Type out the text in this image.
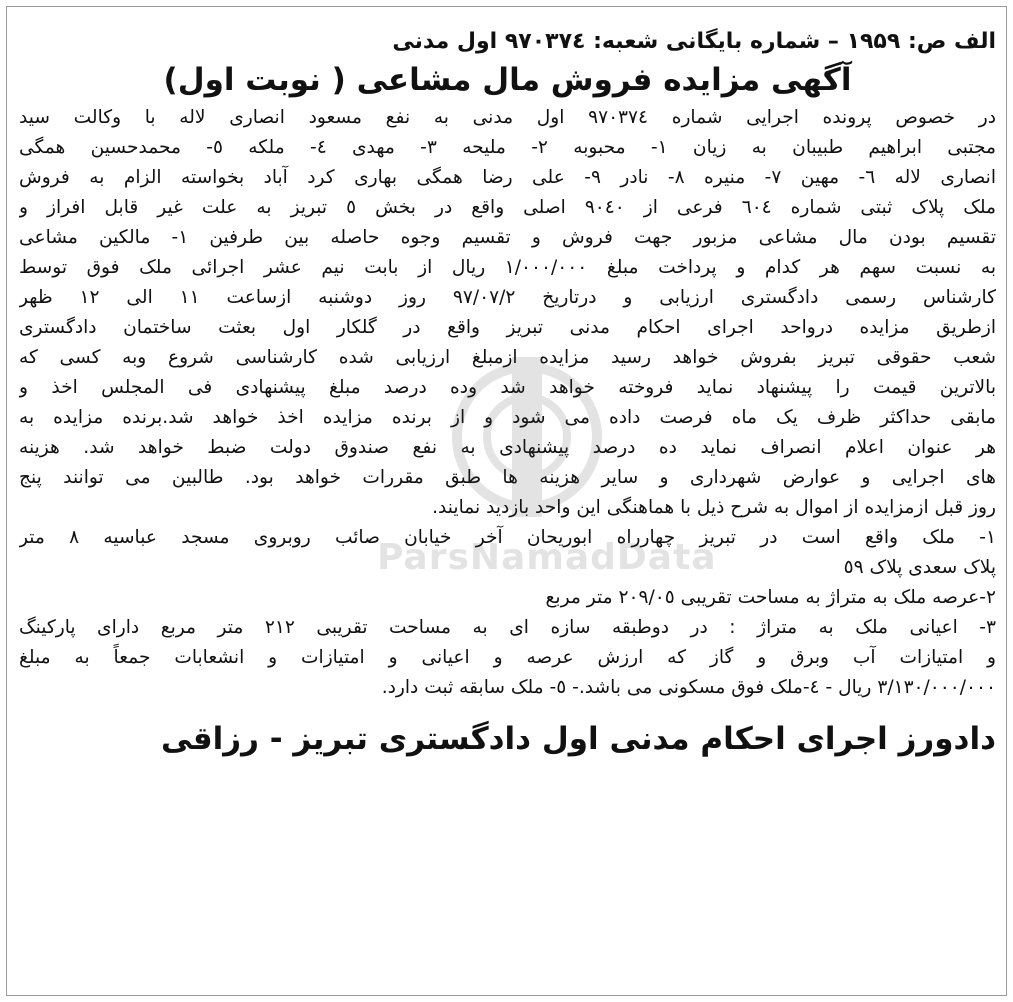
الف ص: ۱۹۵۹ – شماره بایگانی شعبه: ۹۷۰۳۷٤ اول مدنی
آگهی مزایده فروش مال مشاعی ( نوبت اول)
در خصوص پرونده اجرایی شماره ۹۷۰۳۷٤ اول مدنی به نفع مسعود انصاری لاله با وکالت سید
مجتبی ابراهیم طبیبان به زیان ۱- محبوبه ۲- ملیحه ۳- مهدی ٤- ملکه ٥- محمدحسین همگی
انصاری لاله ٦- مهین ۷- منیره ۸- نادر ۹- علی رضا همگی بهاری کرد آباد بخواسته الزام به فروش
ملک پلاک ثبتی شماره ٦۰٤ فرعی از ۹۰٤۰ اصلی واقع در بخش ٥ تبریز به علت غیر قابل افراز و
تقسیم بودن مال مشاعی مزبور جهت فروش و تقسیم وجوه حاصله بین طرفین ۱- مالکین مشاعی
به نسبت سهم هر کدام و پرداخت مبلغ ۱/۰۰۰/۰۰۰ ریال از بابت نیم عشر اجرائی ملک فوق توسط
کارشناس رسمی دادگستری ارزیابی و درتاریخ ۹۷/۰۷/۲ روز دوشنبه ازساعت ۱۱ الی ۱۲ ظهر
ازطریق مزایده درواحد اجرای احکام مدنی تبریز واقع در گلکار اول بعثت ساختمان دادگستری
شعب حقوقی تبریز بفروش خواهد رسید مزایده ازمبلغ ارزیابی شده کارشناسی شروع وبه کسی که
بالاترین قیمت را پیشنهاد نماید فروخته خواهد شد وده درصد مبلغ پیشنهادی فی المجلس اخذ و
مابقی حداکثر ظرف یک ماه فرصت داده می شود و از برنده مزایده اخذ خواهد شد.برنده مزایده به
هر عنوان اعلام انصراف نماید ده درصد پیشنهادی به نفع صندوق دولت ضبط خواهد شد. هزینه
های اجرایی و عوارض شهرداری و سایر هزینه ها طبق مقررات خواهد بود. طالبین می توانند پنج
روز قبل ازمزایده از اموال به شرح ذیل با هماهنگی این واحد بازدید نمایند.
۱- ملک واقع است در تبریز چهارراه ابوریحان آخر خیابان صائب روبروی مسجد عباسیه ۸ متر
پلاک سعدی پلاک ٥۹
۲-عرصه ملک به متراژ به مساحت تقریبی ۲۰۹/۰٥ متر مربع
۳- اعیانی ملک به متراژ : در دوطبقه سازه ای به مساحت تقریبی ۲۱۲ متر مربع دارای پارکینگ
و امتیازات آب وبرق و گاز که ارزش عرصه و اعیانی و امتیازات و انشعابات جمعاً به مبلغ
۳/۱۳۰/۰۰۰/۰۰۰ ریال - ٤-ملک فوق مسکونی می باشد.- ٥- ملک سابقه ثبت دارد.
دادورز اجرای احکام مدنی اول دادگستری تبریز - رزاقی
ParsNamadData
